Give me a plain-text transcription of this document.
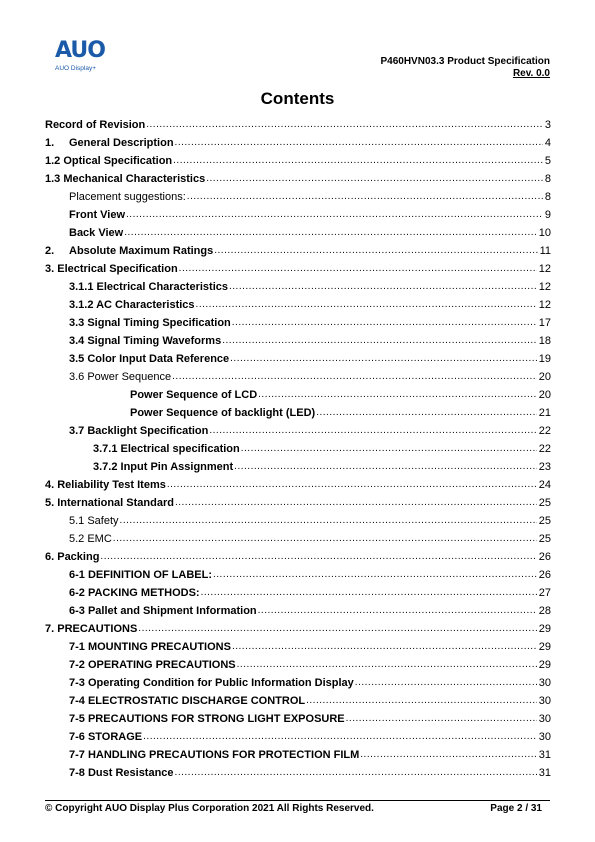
AUO
AUO Display+
P460HVN03.3 Product Specification
Rev. 0.0
Contents
Record of Revision .....	3
1. General Description .....	4
1.2 Optical Specification .....	5
1.3 Mechanical Characteristics .....	8
Placement suggestions: .....	8
Front View .....	9
Back View .....	10
2. Absolute Maximum Ratings .....	11
3. Electrical Specification .....	12
3.1.1 Electrical Characteristics .....	12
3.1.2 AC Characteristics .....	12
3.3 Signal Timing Specification .....	17
3.4 Signal Timing Waveforms .....	18
3.5 Color Input Data Reference .....	19
3.6 Power Sequence .....	20
Power Sequence of LCD .....	20
Power Sequence of backlight (LED) .....	21
3.7 Backlight Specification .....	22
3.7.1 Electrical specification .....	22
3.7.2 Input Pin Assignment .....	23
4. Reliability Test Items .....	24
5. International Standard .....	25
5.1 Safety .....	25
5.2 EMC .....	25
6. Packing .....	26
6-1 DEFINITION OF LABEL: .....	26
6-2 PACKING METHODS: .....	27
6-3 Pallet and Shipment Information .....	28
7. PRECAUTIONS .....	29
7-1 MOUNTING PRECAUTIONS .....	29
7-2 OPERATING PRECAUTIONS .....	29
7-3 Operating Condition for Public Information Display .....	30
7-4 ELECTROSTATIC DISCHARGE CONTROL .....	30
7-5 PRECAUTIONS FOR STRONG LIGHT EXPOSURE .....	30
7-6 STORAGE .....	30
7-7 HANDLING PRECAUTIONS FOR PROTECTION FILM .....	31
7-8 Dust Resistance .....	31
© Copyright AUO Display Plus Corporation 2021 All Rights Reserved.	Page 2 / 31
